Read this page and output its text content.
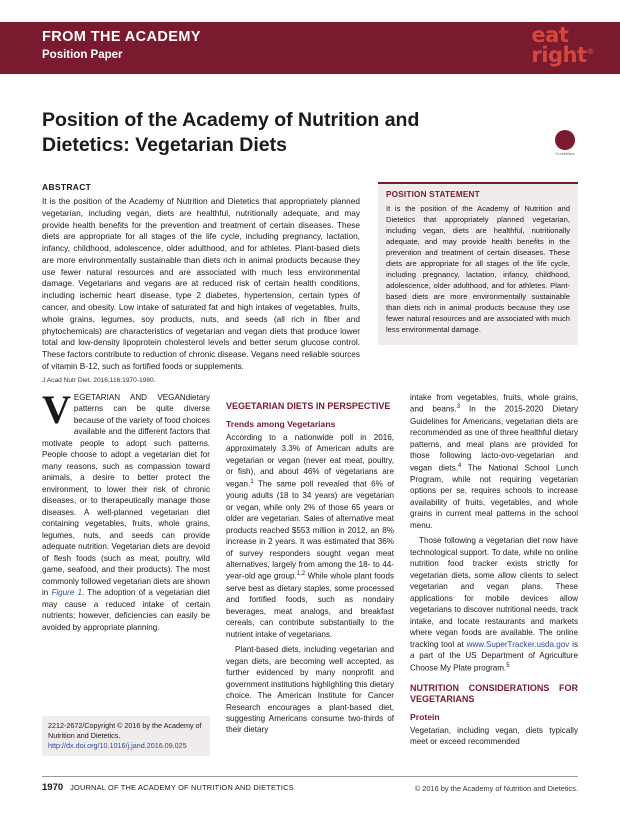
FROM THE ACADEMY
Position Paper
eat
right®
Position of the Academy of Nutrition and Dietetics: Vegetarian Diets	CrossMark
ABSTRACT

It is the position of the Academy of Nutrition and Dietetics that appropriately planned vegetarian, including vegan, diets are healthful, nutritionally adequate, and may provide health benefits for the prevention and treatment of certain diseases. These diets are appropriate for all stages of the life cycle, including pregnancy, lactation, infancy, childhood, adolescence, older adulthood, and for athletes. Plant-based diets are more environmentally sustainable than diets rich in animal products because they use fewer natural resources and are associated with much less environmental damage. Vegetarians and vegans are at reduced risk of certain health conditions, including ischemic heart disease, type 2 diabetes, hypertension, certain types of cancer, and obesity. Low intake of saturated fat and high intakes of vegetables, fruits, whole grains, legumes, soy products, nuts, and seeds (all rich in fiber and phytochemicals) are characteristics of vegetarian and vegan diets that produce lower total and low-density lipoprotein cholesterol levels and better serum glucose control. These factors contribute to reduction of chronic disease. Vegans need reliable sources of vitamin B-12, such as fortified foods or supplements.

J Acad Nutr Diet. 2016;116:1970-1980.
POSITION STATEMENT

It is the position of the Academy of Nutrition and Dietetics that appropriately planned vegetarian, including vegan, diets are healthful, nutritionally adequate, and may provide health benefits in the prevention and treatment of certain diseases. These diets are appropriate for all stages of the life cycle, including pregnancy, lactation, infancy, childhood, adolescence, older adulthood, and for athletes. Plant-based diets are more environmentally sustainable than diets rich in animal products because they use fewer natural resources and are associated with much less environmental damage.

VEGETARIAN AND VEGANdietary patterns can be quite diverse because of the variety of food choices available and the different factors that motivate people to adopt such patterns. People choose to adopt a vegetarian diet for many reasons, such as compassion toward animals, a desire to better protect the environment, to lower their risk of chronic diseases, or to therapeutically manage those diseases. A well-planned vegetarian diet containing vegetables, fruits, whole grains, legumes, nuts, and seeds can provide adequate nutrition. Vegetarian diets are devoid of flesh foods (such as meat, poultry, wild game, seafood, and their products). The most commonly followed vegetarian diets are shown in Figure 1. The adoption of a vegetarian diet may cause a reduced intake of certain nutrients; however, deficiencies can easily be avoided by appropriate planning.

VEGETARIAN DIETS IN PERSPECTIVE
Trends among Vegetarians

According to a nationwide poll in 2016, approximately 3.3% of American adults are vegetarian or vegan (never eat meat, poultry, or fish), and about 46% of vegetarians are vegan.$^1$ The same poll revealed that 6% of young adults (18 to 34 years) are vegetarian or vegan, while only 2% of those 65 years or older are vegetarian. Sales of alternative meat products reached $553 million in 2012, an 8% increase in 2 years. It was estimated that 36% of survey responders sought vegan meat alternatives, largely from among the 18- to 44-year-old age group.$^{1,2}$ While whole plant foods serve best as dietary staples, some processed and fortified foods, such as nondairy beverages, meat analogs, and breakfast cereals, can contribute substantially to the nutrient intake of vegetarians.

Plant-based diets, including vegetarian and vegan diets, are becoming well accepted, as further evidenced by many nonprofit and government institutions highlighting this dietary choice. The American Institute for Cancer Research encourages a plant-based diet, suggesting Americans consume two-thirds of their dietary

intake from vegetables, fruits, whole grains, and beans.$^3$ In the 2015-2020 Dietary Guidelines for Americans, vegetarian diets are recommended as one of three healthful dietary patterns, and meal plans are provided for those following lacto-ovo-vegetarian and vegan diets.$^4$ The National School Lunch Program, while not requiring vegetarian options per se, requires schools to increase availability of fruits, vegetables, and whole grains in current meal patterns in the school menu.

Those following a vegetarian diet now have technological support. To date, while no online nutrition food tracker exists strictly for vegetarian diets, some allow clients to select vegetarian and vegan plans. These applications for mobile devices allow vegetarians to discover nutritional needs, track intake, and locate restaurants and markets where vegan foods are available. The online tracking tool at www.SuperTracker.usda.gov is a part of the US Department of Agriculture Choose My Plate program.$^5$

NUTRITION CONSIDERATIONS FOR VEGETARIANS
Protein

Vegetarian, including vegan, diets typically meet or exceed recommended

2212-2672/Copyright © 2016 by the Academy of Nutrition and Dietetics.
http://dx.doi.org/10.1016/j.jand.2016.09.025
1970 JOURNAL OF THE ACADEMY OF NUTRITION AND DIETETICS	© 2016 by the Academy of Nutrition and Dietetics.
